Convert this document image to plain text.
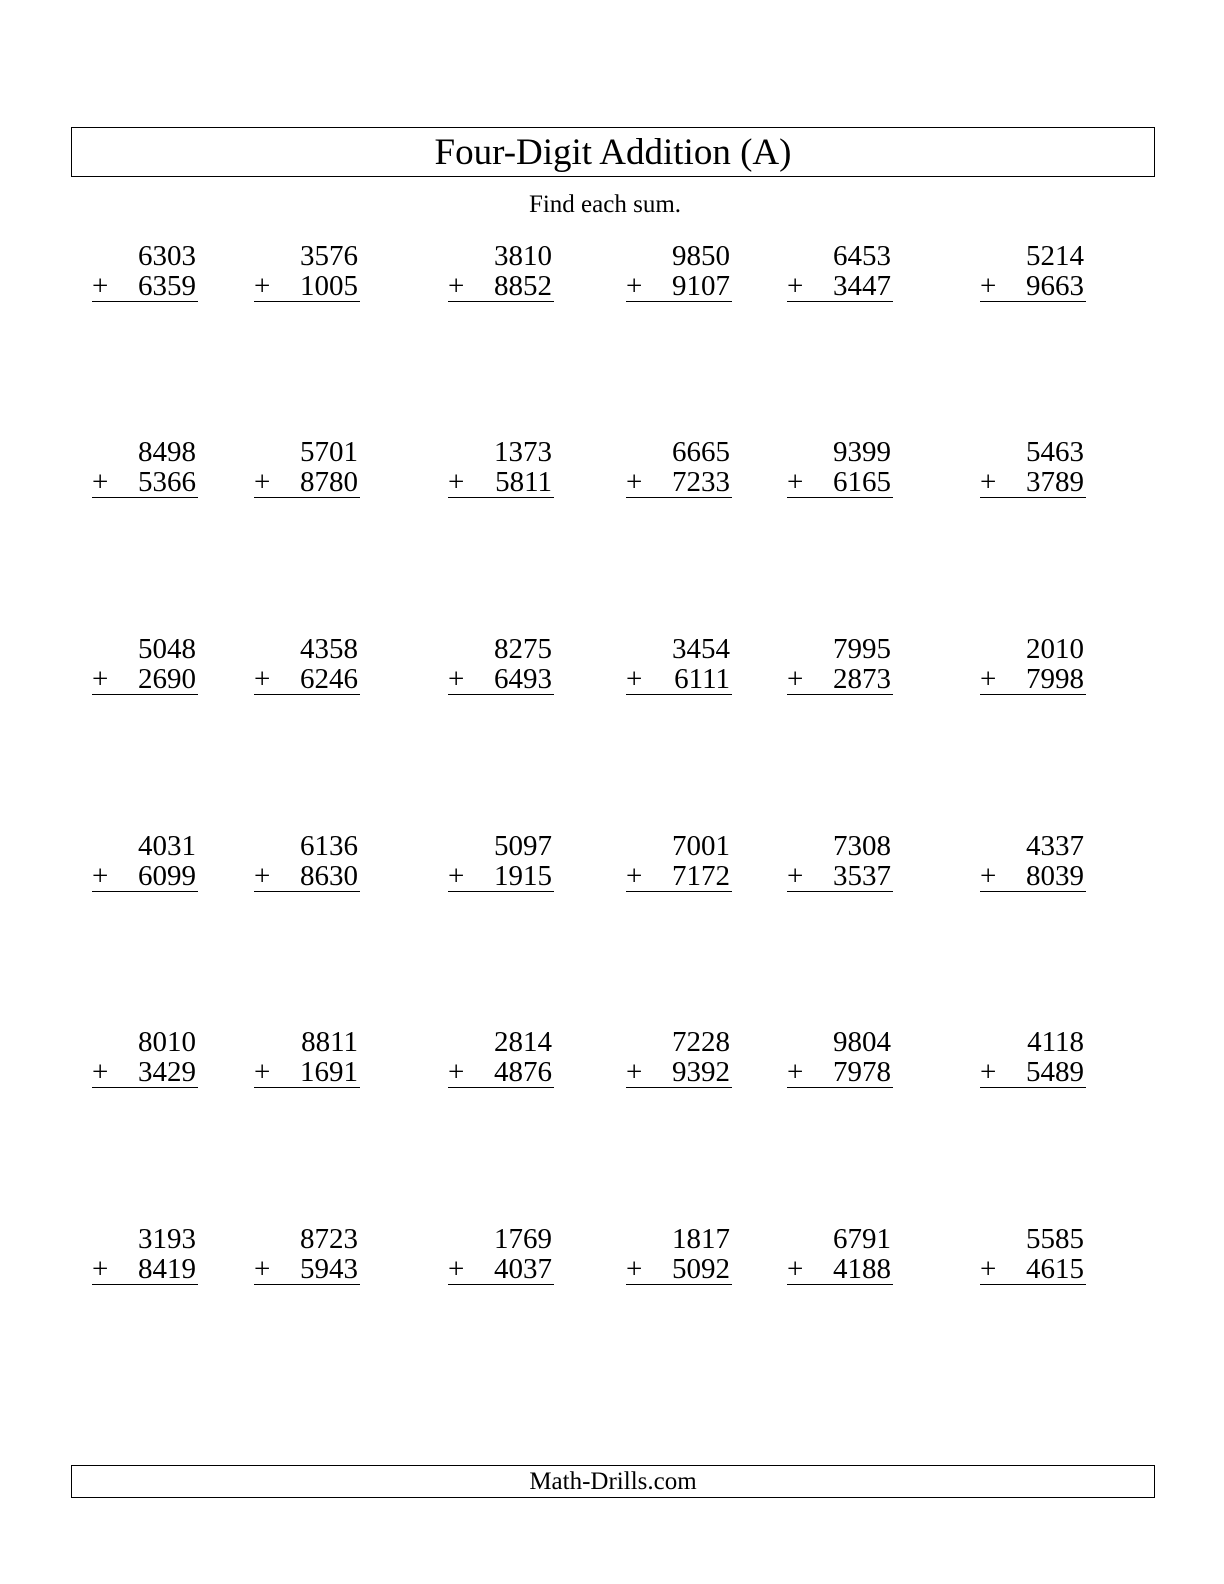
Four-Digit Addition (A)
Find each sum.
6303
+ 6359
3576
+ 1005
3810
+ 8852
9850
+ 9107
6453
+ 3447
5214
+ 9663
8498
+ 5366
5701
+ 8780
1373
+ 5811
6665
+ 7233
9399
+ 6165
5463
+ 3789
5048
+ 2690
4358
+ 6246
8275
+ 6493
3454
+ 6111
7995
+ 2873
2010
+ 7998
4031
+ 6099
6136
+ 8630
5097
+ 1915
7001
+ 7172
7308
+ 3537
4337
+ 8039
8010
+ 3429
8811
+ 1691
2814
+ 4876
7228
+ 9392
9804
+ 7978
4118
+ 5489
3193
+ 8419
8723
+ 5943
1769
+ 4037
1817
+ 5092
6791
+ 4188
5585
+ 4615
Math-Drills.com
